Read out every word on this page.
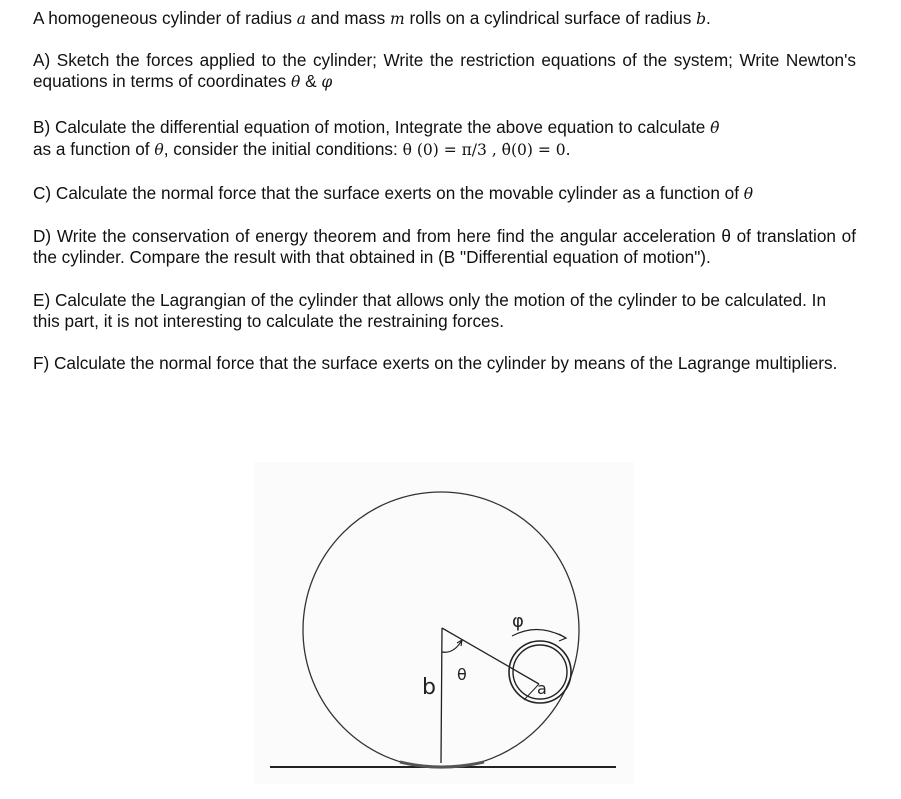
A homogeneous cylinder of radius a and mass m rolls on a cylindrical surface of radius b.

A) Sketch the forces applied to the cylinder; Write the restriction equations of the system; Write Newton's equations in terms of coordinates θ & φ

B) Calculate the differential equation of motion, Integrate the above equation to calculate θ̇
as a function of θ, consider the initial conditions: θ (0) = π/3 , θ̇(0) = 0.

C) Calculate the normal force that the surface exerts on the movable cylinder as a function of θ

D) Write the conservation of energy theorem and from here find the angular acceleration θ of translation of the cylinder. Compare the result with that obtained in (B "Differential equation of motion").

E) Calculate the Lagrangian of the cylinder that allows only the motion of the cylinder to be calculated. In this part, it is not interesting to calculate the restraining forces.

F) Calculate the normal force that the surface exerts on the cylinder by means of the Lagrange multipliers.

b
θ
φ
a
